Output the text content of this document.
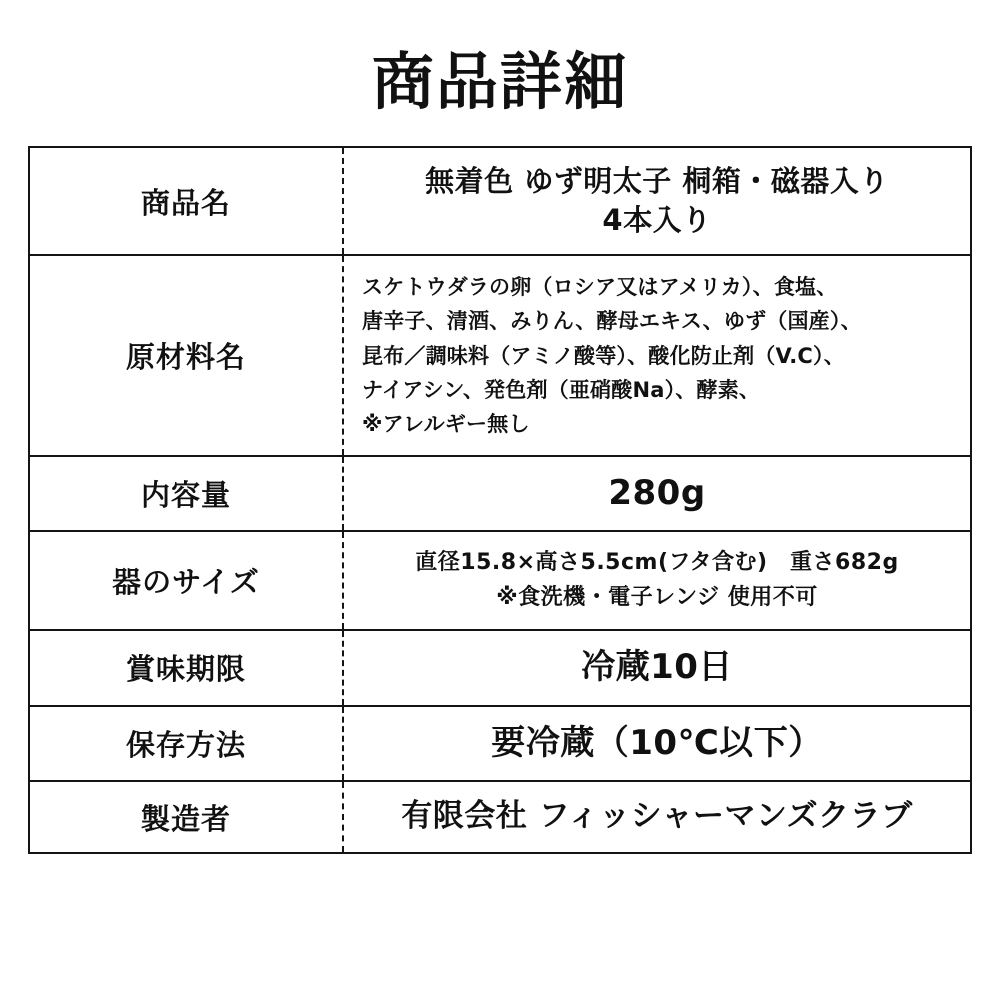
商品詳細
商品名	無着色 ゆず明太子 桐箱・磁器入り
4本入り

原材料名	スケトウダラの卵（ロシア又はアメリカ）、食塩、
唐辛子、清酒、みりん、酵母エキス、ゆず（国産）、
昆布／調味料（アミノ酸等）、酸化防止剤（V.C）、
ナイアシン、発色剤（亜硝酸Na）、酵素、
※アレルギー無し

内容量	280g

器のサイズ	直径15.8×高さ5.5cm(フタ含む)　重さ682g
※食洗機・電子レンジ 使用不可

賞味期限	冷蔵10日

保存方法	要冷蔵（10℃以下）

製造者	有限会社 フィッシャーマンズクラブ
